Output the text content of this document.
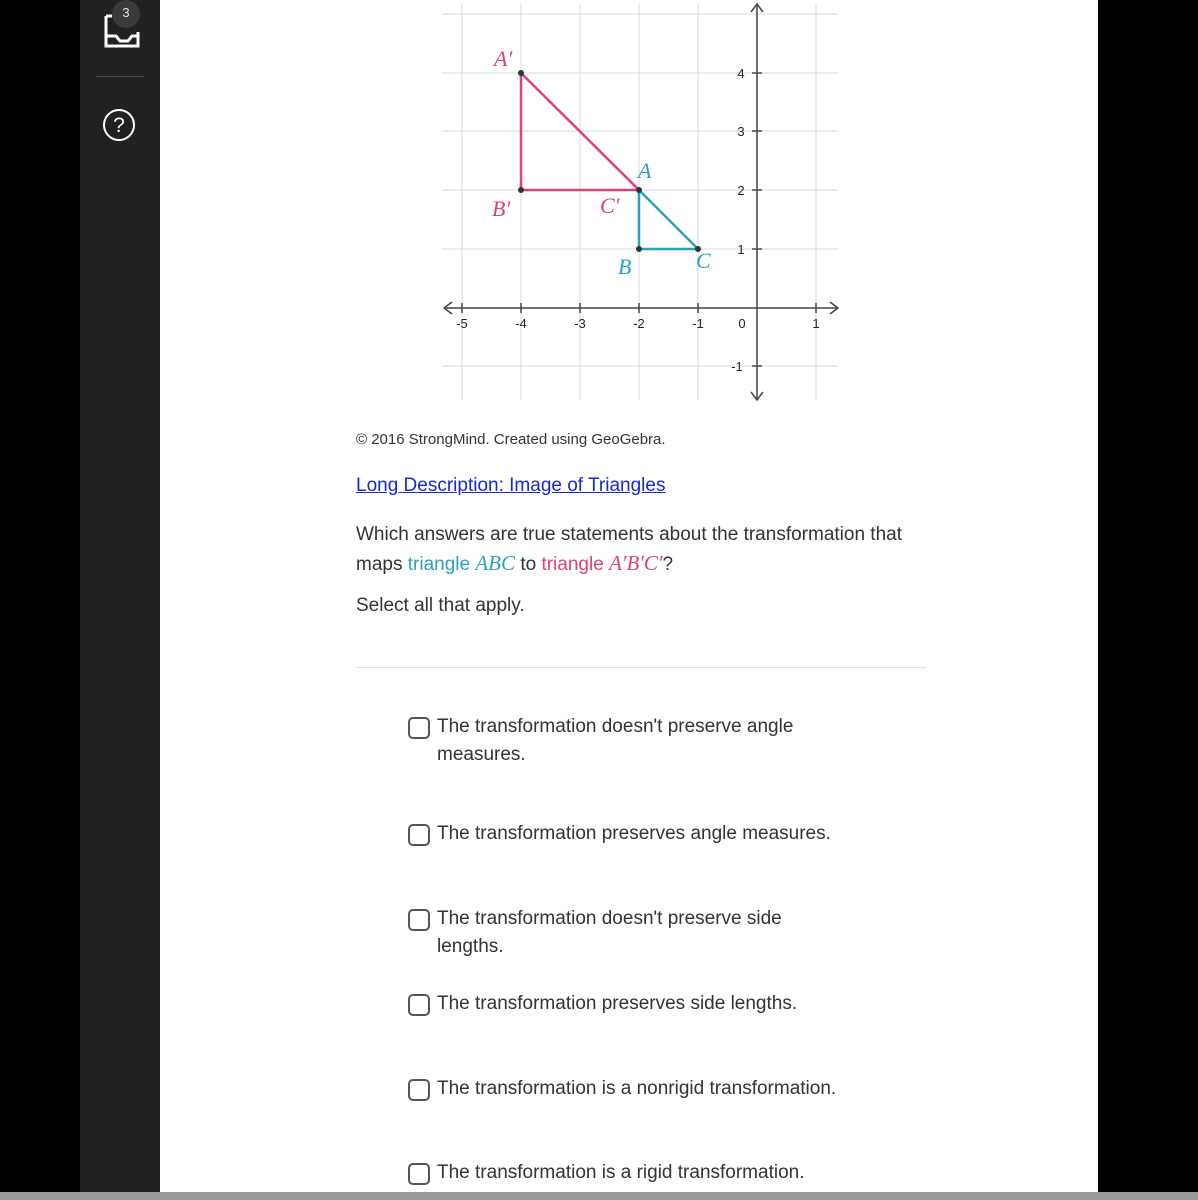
?
3
-5	-4	-3	-2	-1	0	1
4
3
2
1
-1
A
B	C
A′
B′	C′
© 2016 StrongMind. Created using GeoGebra.
Long Description: Image of Triangles
Which answers are true statements about the transformation that maps triangle ABC to triangle A′B′C′?
Select all that apply.
The transformation doesn't preserve angle measures.
The transformation preserves angle measures.
The transformation doesn't preserve side lengths.
The transformation preserves side lengths.
The transformation is a nonrigid transformation.
The transformation is a rigid transformation.
